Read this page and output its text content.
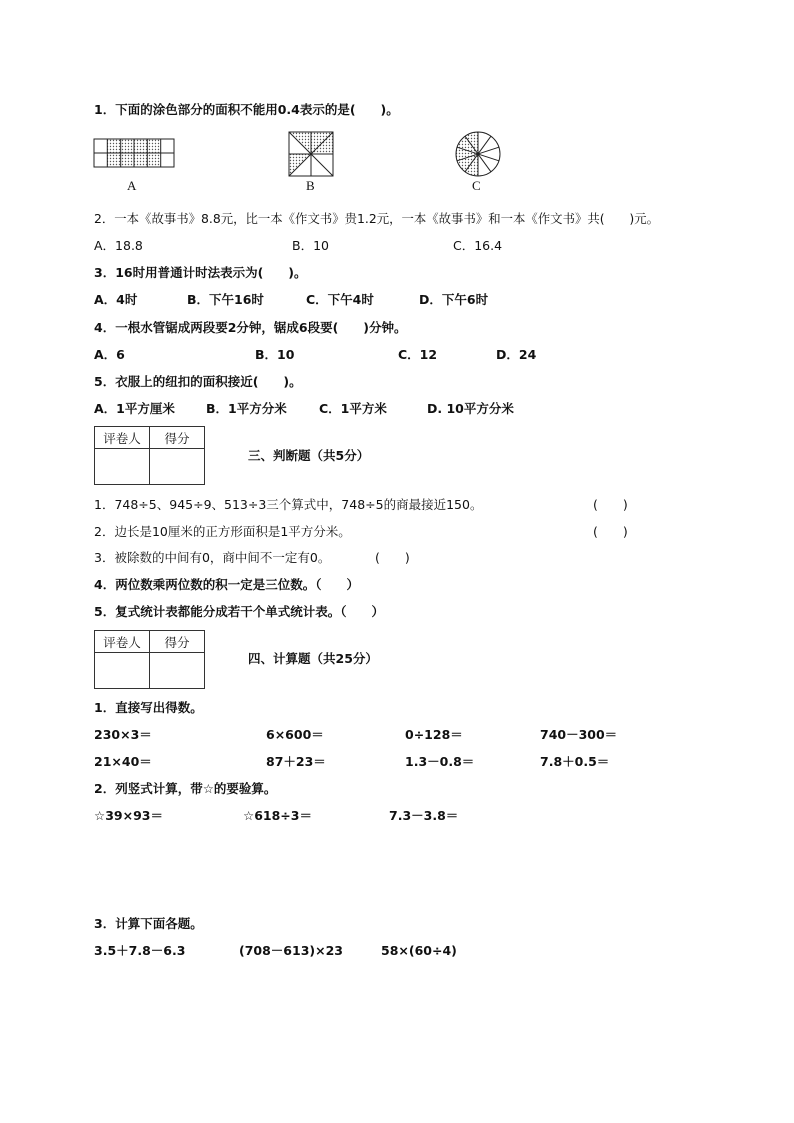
1．下面的涂色部分的面积不能用0.4表示的是(　　)。
A	B	C
2．一本《故事书》8.8元，比一本《作文书》贵1.2元，一本《故事书》和一本《作文书》共(　　)元。
A．18.8	B．10	C．16.4
3．16时用普通计时法表示为(　　)。
A．4时	B．下午16时	C．下午4时	D．下午6时
4．一根水管锯成两段要2分钟，锯成6段要(　　)分钟。
A．6	B．10	C．12	D．24
5．衣服上的纽扣的面积接近(　　)。
A．1平方厘米 B．1平方分米	C．1平方米	D. 10平方分米
评卷人	得分

三、判断题（共5分）
1．748÷5、945÷9、513÷3三个算式中，748÷5的商最接近150。	(　　)
2．边长是10厘米的正方形面积是1平方分米。	(　　)
3．被除数的中间有0，商中间不一定有0。	(　　)
4．两位数乘两位数的积一定是三位数。（　　）
5．复式统计表都能分成若干个单式统计表。（　　）
评卷人	得分

四、计算题（共25分）
1．直接写出得数。
230×3＝	6×600＝	0÷128＝	740－300＝
21×40＝	87＋23＝	1.3－0.8＝	7.8＋0.5＝
2．列竖式计算，带☆的要验算。
☆39×93＝	☆618÷3＝	7.3－3.8＝
3．计算下面各题。
3.5＋7.8－6.3	(708－613)×23	58×(60÷4)
